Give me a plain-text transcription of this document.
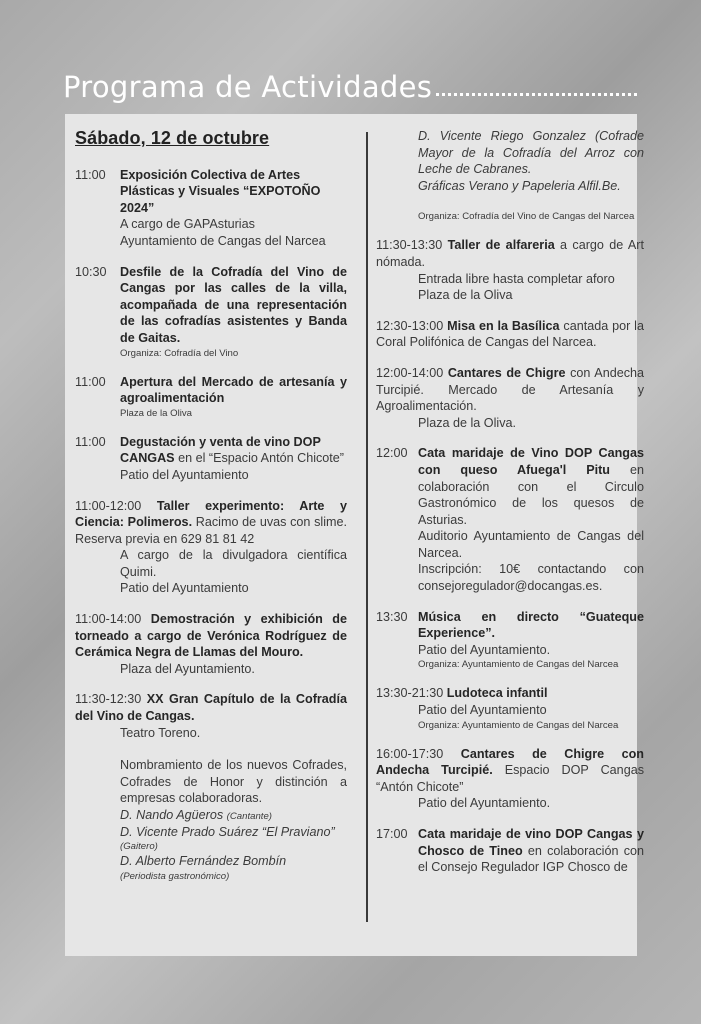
Programa de Actividades
Sábado, 12 de octubre
11:00	Exposición Colectiva de Artes Plásticas y Visuales “EXPOTOÑO 2024”
A cargo de GAPAsturias
Ayuntamiento de Cangas del Narcea
10:30	Desfile de la Cofradía del Vino de Cangas por las calles de la villa, acompañada de una representación de las cofradías asistentes y Banda de Gaitas.
Organiza: Cofradía del Vino
11:00	Apertura del Mercado de artesanía y agroalimentación
Plaza de la Oliva
11:00	Degustación y venta de vino DOP CANGAS en el “Espacio Antón Chicote”
Patio del Ayuntamiento
11:00-12:00 Taller experimento: Arte y Ciencia: Polimeros. Racimo de uvas con slime. Reserva previa en 629 81 81 42
A cargo de la divulgadora científica Quimi.
Patio del Ayuntamiento
11:00-14:00 Demostración y exhibición de torneado a cargo de Verónica Rodríguez de Cerámica Negra de Llamas del Mouro.
Plaza del Ayuntamiento.
11:30-12:30 XX Gran Capítulo de la Cofradía del Vino de Cangas.
Teatro Toreno.
Nombramiento de los nuevos Cofrades, Cofrades de Honor y distinción a empresas colaboradoras.
D. Nando Agüeros (Cantante)
D. Vicente Prado Suárez “El Praviano”
(Gaitero)
D. Alberto Fernández Bombín
(Periodista gastronómico)
D. Vicente Riego Gonzalez (Cofrade Mayor de la Cofradía del Arroz con Leche de Cabranes.
Gráficas Verano y Papeleria Alfil.Be.
Organiza: Cofradía del Vino de Cangas del Narcea
11:30-13:30 Taller de alfareria a cargo de Art nómada.
Entrada libre hasta completar aforo
Plaza de la Oliva
12:30-13:00 Misa en la Basílica cantada por la Coral Polifónica de Cangas del Narcea.
12:00-14:00 Cantares de Chigre con Andecha Turcipié. Mercado de Artesanía y Agroalimentación.
Plaza de la Oliva.
12:00 Cata maridaje de Vino DOP Cangas con queso Afuega'l Pitu en colaboración con el Circulo Gastronómico de los quesos de Asturias.
Auditorio Ayuntamiento de Cangas del Narcea.
Inscripción: 10€ contactando con consejoregulador@docangas.es.
13:30 Música en directo “Guateque Experience”.
Patio del Ayuntamiento.
Organiza: Ayuntamiento de Cangas del Narcea
13:30-21:30 Ludoteca infantil
Patio del Ayuntamiento
Organiza: Ayuntamiento de Cangas del Narcea
16:00-17:30 Cantares de Chigre con Andecha Turcipié. Espacio DOP Cangas “Antón Chicote”
Patio del Ayuntamiento.
17:00 Cata maridaje de vino DOP Cangas y Chosco de Tineo en colaboración con el Consejo Regulador IGP Chosco de
